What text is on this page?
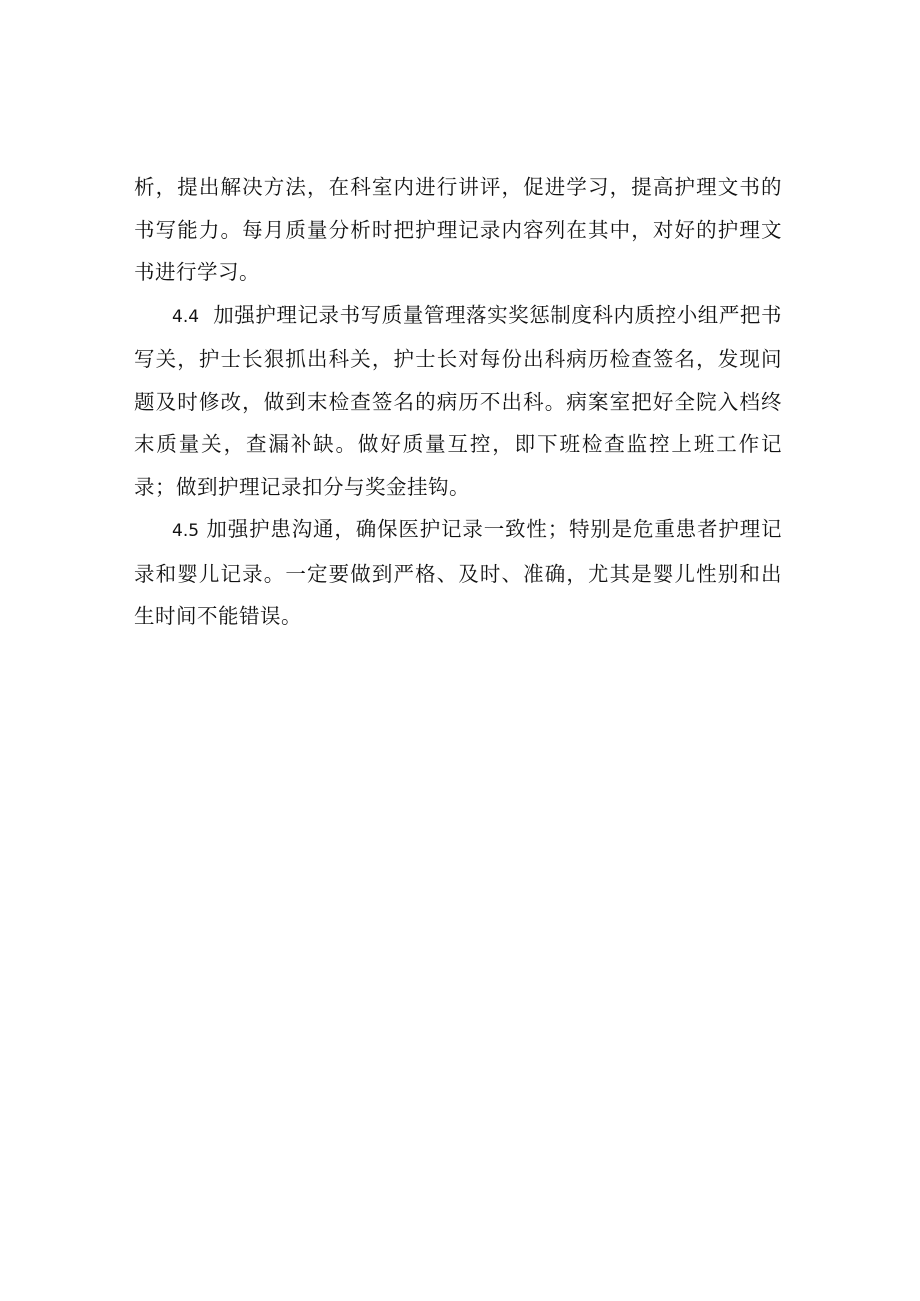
析，提出解决方法，在科室内进行讲评，促进学习，提高护理文书的书写能力。每月质量分析时把护理记录内容列在其中，对好的护理文书进行学习。

4.4 加强护理记录书写质量管理落实奖惩制度科内质控小组严把书写关，护士长狠抓出科关，护士长对每份出科病历检查签名，发现问题及时修改，做到末检查签名的病历不出科。病案室把好全院入档终末质量关，查漏补缺。做好质量互控，即下班检查监控上班工作记录；做到护理记录扣分与奖金挂钩。

4.5 加强护患沟通，确保医护记录一致性；特别是危重患者护理记录和婴儿记录。一定要做到严格、及时、准确，尤其是婴儿性别和出生时间不能错误。
